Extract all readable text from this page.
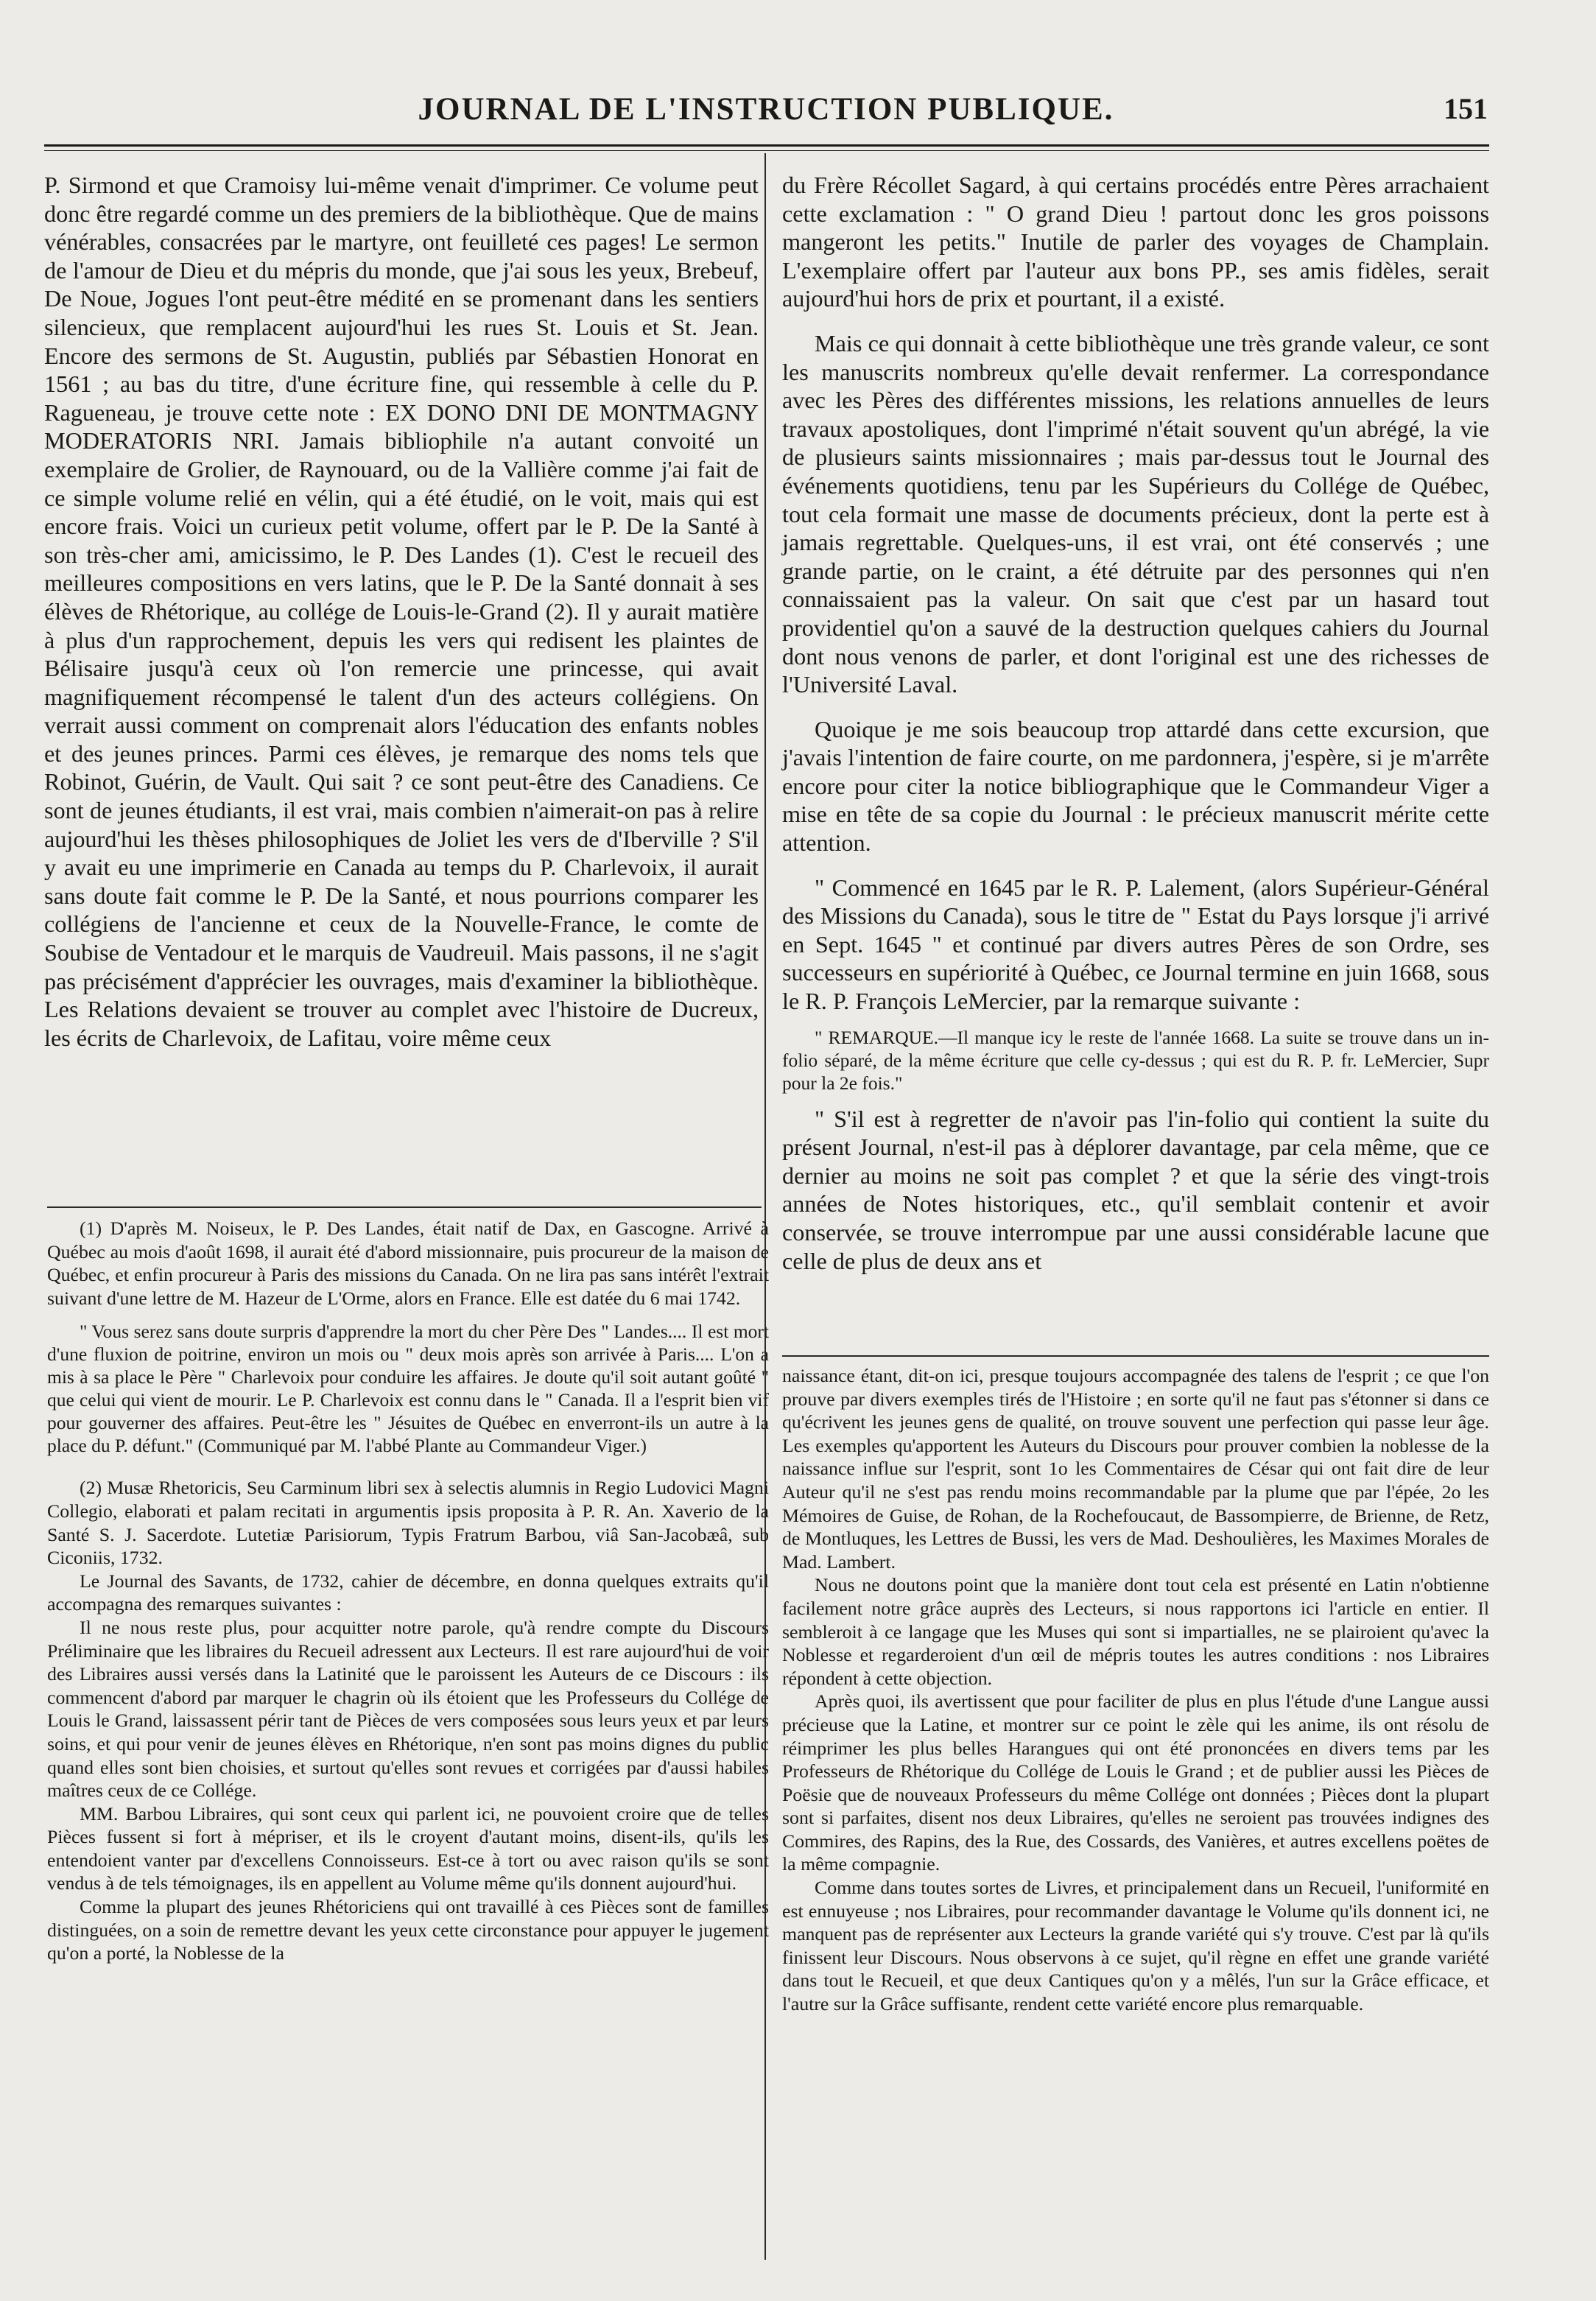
JOURNAL DE L'INSTRUCTION PUBLIQUE.	151

P. Sirmond et que Cramoisy lui-même venait d'imprimer. Ce volume peut donc être regardé comme un des premiers de la bibliothèque. Que de mains vénérables, consacrées par le martyre, ont feuilleté ces pages! Le sermon de l'amour de Dieu et du mépris du monde, que j'ai sous les yeux, Brebeuf, De Noue, Jogues l'ont peut-être médité en se promenant dans les sentiers silencieux, que remplacent aujourd'hui les rues St. Louis et St. Jean. Encore des sermons de St. Augustin, publiés par Sébastien Honorat en 1561 ; au bas du titre, d'une écriture fine, qui ressemble à celle du P. Ragueneau, je trouve cette note : EX DONO DNI DE MONTMAGNY MODERATORIS NRI. Jamais bibliophile n'a autant convoité un exemplaire de Grolier, de Raynouard, ou de la Vallière comme j'ai fait de ce simple volume relié en vélin, qui a été étudié, on le voit, mais qui est encore frais. Voici un curieux petit volume, offert par le P. De la Santé à son très-cher ami, amicissimo, le P. Des Landes (1). C'est le recueil des meilleures compositions en vers latins, que le P. De la Santé donnait à ses élèves de Rhétorique, au collége de Louis-le-Grand (2). Il y aurait matière à plus d'un rapprochement, depuis les vers qui redisent les plaintes de Bélisaire jusqu'à ceux où l'on remercie une princesse, qui avait magnifiquement récompensé le talent d'un des acteurs collégiens. On verrait aussi comment on comprenait alors l'éducation des enfants nobles et des jeunes princes. Parmi ces élèves, je remarque des noms tels que Robinot, Guérin, de Vault. Qui sait ? ce sont peut-être des Canadiens. Ce sont de jeunes étudiants, il est vrai, mais combien n'aimerait-on pas à relire aujourd'hui les thèses philosophiques de Joliet les vers de d'Iberville ? S'il y avait eu une imprimerie en Canada au temps du P. Charlevoix, il aurait sans doute fait comme le P. De la Santé, et nous pourrions comparer les collégiens de l'ancienne et ceux de la Nouvelle-France, le comte de Soubise de Ventadour et le marquis de Vaudreuil. Mais passons, il ne s'agit pas précisément d'apprécier les ouvrages, mais d'examiner la bibliothèque. Les Relations devaient se trouver au complet avec l'histoire de Ducreux, les écrits de Charlevoix, de Lafitau, voire même ceux

(1) D'après M. Noiseux, le P. Des Landes, était natif de Dax, en Gascogne. Arrivé à Québec au mois d'août 1698, il aurait été d'abord missionnaire, puis procureur de la maison de Québec, et enfin procureur à Paris des missions du Canada. On ne lira pas sans intérêt l'extrait suivant d'une lettre de M. Hazeur de L'Orme, alors en France. Elle est datée du 6 mai 1742.

" Vous serez sans doute surpris d'apprendre la mort du cher Père Des " Landes.... Il est mort d'une fluxion de poitrine, environ un mois ou " deux mois après son arrivée à Paris.... L'on a mis à sa place le Père " Charlevoix pour conduire les affaires. Je doute qu'il soit autant goûté " que celui qui vient de mourir. Le P. Charlevoix est connu dans le " Canada. Il a l'esprit bien vif pour gouverner des affaires. Peut-être les " Jésuites de Québec en enverront-ils un autre à la place du P. défunt." (Communiqué par M. l'abbé Plante au Commandeur Viger.)

(2) Musæ Rhetoricis, Seu Carminum libri sex à selectis alumnis in Regio Ludovici Magni Collegio, elaborati et palam recitati in argumentis ipsis proposita à P. R. An. Xaverio de la Santé S. J. Sacerdote. Lutetiæ Parisiorum, Typis Fratrum Barbou, viâ San-Jacobæâ, sub Ciconiis, 1732.

Le Journal des Savants, de 1732, cahier de décembre, en donna quelques extraits qu'il accompagna des remarques suivantes :

Il ne nous reste plus, pour acquitter notre parole, qu'à rendre compte du Discours Préliminaire que les libraires du Recueil adressent aux Lecteurs. Il est rare aujourd'hui de voir des Libraires aussi versés dans la Latinité que le paroissent les Auteurs de ce Discours : ils commencent d'abord par marquer le chagrin où ils étoient que les Professeurs du Collége de Louis le Grand, laissassent périr tant de Pièces de vers composées sous leurs yeux et par leurs soins, et qui pour venir de jeunes élèves en Rhétorique, n'en sont pas moins dignes du public quand elles sont bien choisies, et surtout qu'elles sont revues et corrigées par d'aussi habiles maîtres ceux de ce Collége.

MM. Barbou Libraires, qui sont ceux qui parlent ici, ne pouvoient croire que de telles Pièces fussent si fort à mépriser, et ils le croyent d'autant moins, disent-ils, qu'ils les entendoient vanter par d'excellens Connoisseurs. Est-ce à tort ou avec raison qu'ils se sont vendus à de tels témoignages, ils en appellent au Volume même qu'ils donnent aujourd'hui.

Comme la plupart des jeunes Rhétoriciens qui ont travaillé à ces Pièces sont de familles distinguées, on a soin de remettre devant les yeux cette circonstance pour appuyer le jugement qu'on a porté, la Noblesse de la

du Frère Récollet Sagard, à qui certains procédés entre Pères arrachaient cette exclamation : " O grand Dieu ! partout donc les gros poissons mangeront les petits." Inutile de parler des voyages de Champlain. L'exemplaire offert par l'auteur aux bons PP., ses amis fidèles, serait aujourd'hui hors de prix et pourtant, il a existé.

Mais ce qui donnait à cette bibliothèque une très grande valeur, ce sont les manuscrits nombreux qu'elle devait renfermer. La correspondance avec les Pères des différentes missions, les relations annuelles de leurs travaux apostoliques, dont l'imprimé n'était souvent qu'un abrégé, la vie de plusieurs saints missionnaires ; mais par-dessus tout le Journal des événements quotidiens, tenu par les Supérieurs du Collége de Québec, tout cela formait une masse de documents précieux, dont la perte est à jamais regrettable. Quelques-uns, il est vrai, ont été conservés ; une grande partie, on le craint, a été détruite par des personnes qui n'en connaissaient pas la valeur. On sait que c'est par un hasard tout providentiel qu'on a sauvé de la destruction quelques cahiers du Journal dont nous venons de parler, et dont l'original est une des richesses de l'Université Laval.

Quoique je me sois beaucoup trop attardé dans cette excursion, que j'avais l'intention de faire courte, on me pardonnera, j'espère, si je m'arrête encore pour citer la notice bibliographique que le Commandeur Viger a mise en tête de sa copie du Journal : le précieux manuscrit mérite cette attention.

" Commencé en 1645 par le R. P. Lalement, (alors Supérieur-Général des Missions du Canada), sous le titre de " Estat du Pays lorsque j'i arrivé en Sept. 1645 " et continué par divers autres Pères de son Ordre, ses successeurs en supériorité à Québec, ce Journal termine en juin 1668, sous le R. P. François LeMercier, par la remarque suivante :

" REMARQUE.—Il manque icy le reste de l'année 1668. La suite se trouve dans un in-folio séparé, de la même écriture que celle cy-dessus ; qui est du R. P. fr. LeMercier, Supr pour la 2e fois."

" S'il est à regretter de n'avoir pas l'in-folio qui contient la suite du présent Journal, n'est-il pas à déplorer davantage, par cela même, que ce dernier au moins ne soit pas complet ? et que la série des vingt-trois années de Notes historiques, etc., qu'il semblait contenir et avoir conservée, se trouve interrompue par une aussi considérable lacune que celle de plus de deux ans et

naissance étant, dit-on ici, presque toujours accompagnée des talens de l'esprit ; ce que l'on prouve par divers exemples tirés de l'Histoire ; en sorte qu'il ne faut pas s'étonner si dans ce qu'écrivent les jeunes gens de qualité, on trouve souvent une perfection qui passe leur âge. Les exemples qu'apportent les Auteurs du Discours pour prouver combien la noblesse de la naissance influe sur l'esprit, sont 1o les Commentaires de César qui ont fait dire de leur Auteur qu'il ne s'est pas rendu moins recommandable par la plume que par l'épée, 2o les Mémoires de Guise, de Rohan, de la Rochefoucaut, de Bassompierre, de Brienne, de Retz, de Montluques, les Lettres de Bussi, les vers de Mad. Deshoulières, les Maximes Morales de Mad. Lambert.

Nous ne doutons point que la manière dont tout cela est présenté en Latin n'obtienne facilement notre grâce auprès des Lecteurs, si nous rapportons ici l'article en entier. Il sembleroit à ce langage que les Muses qui sont si impartialles, ne se plairoient qu'avec la Noblesse et regarderoient d'un œil de mépris toutes les autres conditions : nos Libraires répondent à cette objection.

Après quoi, ils avertissent que pour faciliter de plus en plus l'étude d'une Langue aussi précieuse que la Latine, et montrer sur ce point le zèle qui les anime, ils ont résolu de réimprimer les plus belles Harangues qui ont été prononcées en divers tems par les Professeurs de Rhétorique du Collége de Louis le Grand ; et de publier aussi les Pièces de Poësie que de nouveaux Professeurs du même Collége ont données ; Pièces dont la plupart sont si parfaites, disent nos deux Libraires, qu'elles ne seroient pas trouvées indignes des Commires, des Rapins, des la Rue, des Cossards, des Vanières, et autres excellens poëtes de la même compagnie.

Comme dans toutes sortes de Livres, et principalement dans un Recueil, l'uniformité en est ennuyeuse ; nos Libraires, pour recommander davantage le Volume qu'ils donnent ici, ne manquent pas de représenter aux Lecteurs la grande variété qui s'y trouve. C'est par là qu'ils finissent leur Discours. Nous observons à ce sujet, qu'il règne en effet une grande variété dans tout le Recueil, et que deux Cantiques qu'on y a mêlés, l'un sur la Grâce efficace, et l'autre sur la Grâce suffisante, rendent cette variété encore plus remarquable.
